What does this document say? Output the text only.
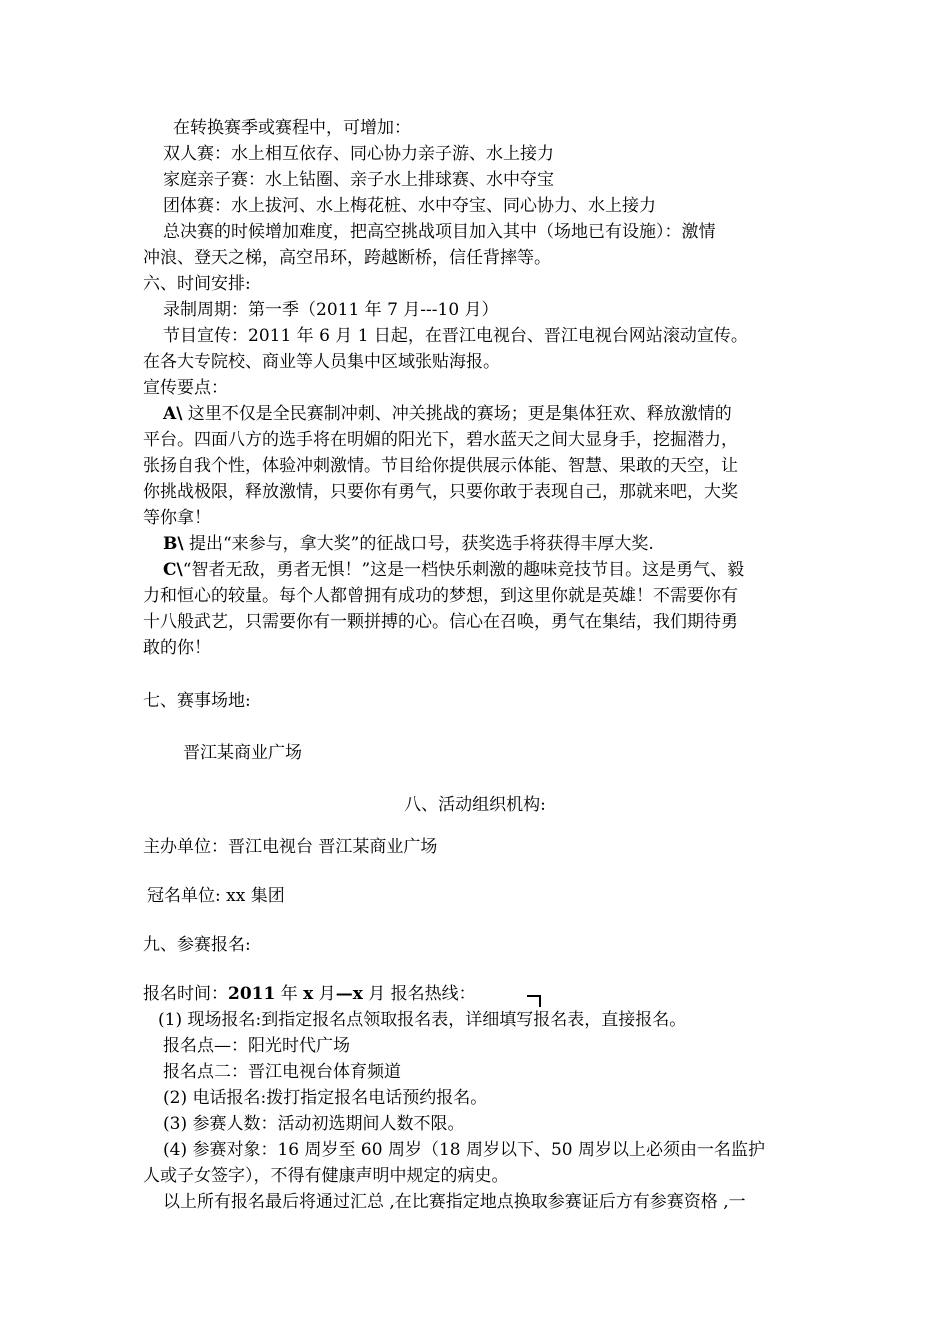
在转换赛季或赛程中，可增加：
双人赛：水上相互依存、同心协力亲子游、水上接力
家庭亲子赛：水上钻圈、亲子水上排球赛、水中夺宝
团体赛：水上拔河、水上梅花桩、水中夺宝、同心协力、水上接力
总决赛的时候增加难度，把高空挑战项目加入其中（场地已有设施）：激情
冲浪、登天之梯，高空吊环，跨越断桥，信任背摔等。
六、时间安排:
录制周期：第一季（2011 年 7 月---10 月）
节目宣传：2011 年 6 月 1 日起，在晋江电视台、晋江电视台网站滚动宣传。
在各大专院校、商业等人员集中区域张贴海报。
宣传要点：
A\ 这里不仅是全民赛制冲刺、冲关挑战的赛场；更是集体狂欢、释放激情的
平台。四面八方的选手将在明媚的阳光下，碧水蓝天之间大显身手，挖掘潜力，
张扬自我个性，体验冲刺激情。节目给你提供展示体能、智慧、果敢的天空，让
你挑战极限，释放激情，只要你有勇气，只要你敢于表现自己，那就来吧，大奖
等你拿！
B\ 提出“来参与，拿大奖”的征战口号，获奖选手将获得丰厚大奖.
C\“智者无敌，勇者无惧！”这是一档快乐刺激的趣味竞技节目。这是勇气、毅
力和恒心的较量。每个人都曾拥有成功的梦想，到这里你就是英雄！不需要你有
十八般武艺，只需要你有一颗拼搏的心。信心在召唤，勇气在集结，我们期待勇
敢的你！
七、赛事场地:
晋江某商业广场
八、活动组织机构:
主办单位：晋江电视台 晋江某商业广场
冠名单位: xx 集团
九、参赛报名:
报名时间：2011 年 x 月—x 月 报名热线：
(1) 现场报名:到指定报名点领取报名表，详细填写报名表，直接报名。
报名点—：阳光时代广场
报名点二：晋江电视台体育频道
(2) 电话报名:拨打指定报名电话预约报名。
(3) 参赛人数：活动初选期间人数不限。
(4) 参赛对象：16 周岁至 60 周岁（18 周岁以下、50 周岁以上必须由一名监护
人或子女签字），不得有健康声明中规定的病史。
以上所有报名最后将通过汇总 ,在比赛指定地点换取参赛证后方有参赛资格 ,一
